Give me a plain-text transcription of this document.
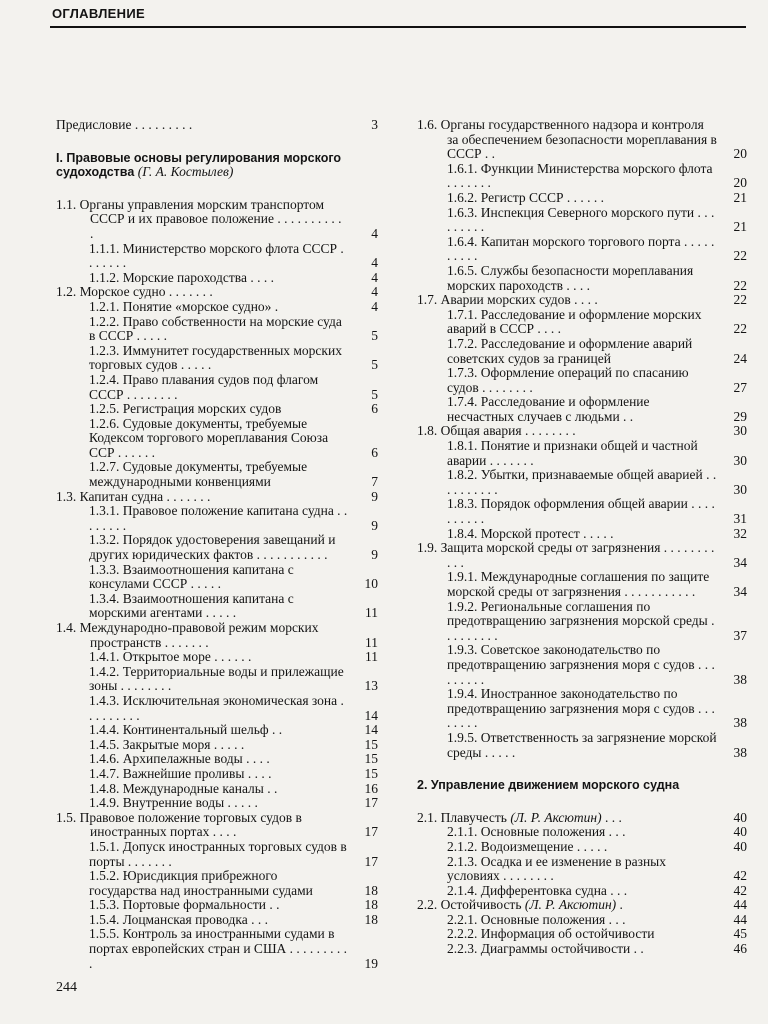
оглавление
Предисловие . . . . . . . . .	3
I. Правовые основы регулирования морского судоходства (Г. А. Костылев)
1.1. Органы управления морским транспортом СССР и их правовое положение . . . . . . . . . . .	4
1.1.1. Министерство морского флота СССР . . . . . . .	4
1.1.2. Морские пароходства . . . .	4
1.2. Морское судно . . . . . . .	4
1.2.1. Понятие «морское судно» .	4
1.2.2. Право собственности на морские суда в СССР . . . . .	5
1.2.3. Иммунитет государственных морских торговых судов . . . . .	5
1.2.4. Право плавания судов под флагом СССР . . . . . . . .	5
1.2.5. Регистрация морских судов	6
1.2.6. Судовые документы, требуемые Кодексом торгового мореплавания Союза ССР . . . . . .	6
1.2.7. Судовые документы, требуемые международными конвенциями	7
1.3. Капитан судна . . . . . . .	9
1.3.1. Правовое положение капитана судна . . . . . . . .	9
1.3.2. Порядок удостоверения завещаний и других юридических фактов . . . . . . . . . . .	9
1.3.3. Взаимоотношения капитана с консулами СССР . . . . .	10
1.3.4. Взаимоотношения капитана с морскими агентами . . . . .	11
1.4. Международно-правовой режим морских пространств . . . . . . .	11
1.4.1. Открытое море . . . . . .	11
1.4.2. Территориальные воды и прилежащие зоны . . . . . . . .	13
1.4.3. Исключительная экономическая зона . . . . . . . . .	14
1.4.4. Континентальный шельф . .	14
1.4.5. Закрытые моря . . . . .	15
1.4.6. Архипелажные воды . . . .	15
1.4.7. Важнейшие проливы . . . .	15
1.4.8. Международные каналы . .	16
1.4.9. Внутренние воды . . . . .	17
1.5. Правовое положение торговых судов в иностранных портах . . . .	17
1.5.1. Допуск иностранных торговых судов в порты . . . . . . .	17
1.5.2. Юрисдикция прибрежного государства над иностранными судами	18
1.5.3. Портовые формальности . .	18
1.5.4. Лоцманская проводка . . .	18
1.5.5. Контроль за иностранными судами в портах европейских стран и США . . . . . . . . . .	19
1.6. Органы государственного надзора и контроля за обеспечением безопасности мореплавания в СССР . .	20
1.6.1. Функции Министерства морского флота . . . . . . .	20
1.6.2. Регистр СССР . . . . . .	21
1.6.3. Инспекция Северного морского пути . . . . . . . . .	21
1.6.4. Капитан морского торгового порта . . . . . . . . . .	22
1.6.5. Службы безопасности мореплавания морских пароходств . . . .	22
1.7. Аварии морских судов . . . .	22
1.7.1. Расследование и оформление морских аварий в СССР . . . .	22
1.7.2. Расследование и оформление аварий советских судов за границей	24
1.7.3. Оформление операций по спасанию судов . . . . . . . .	27
1.7.4. Расследование и оформление несчастных случаев с людьми . .	29
1.8. Общая авария . . . . . . . .	30
1.8.1. Понятие и признаки общей и частной аварии . . . . . . .	30
1.8.2. Убытки, признаваемые общей аварией . . . . . . . . . .	30
1.8.3. Порядок оформления общей аварии . . . . . . . . . .	31
1.8.4. Морской протест . . . . .	32
1.9. Защита морской среды от загрязнения . . . . . . . . . . .	34
1.9.1. Международные соглашения по защите морской среды от загрязнения . . . . . . . . . . .	34
1.9.2. Региональные соглашения по предотвращению загрязнения морской среды . . . . . . . . .	37
1.9.3. Советское законодательство по предотвращению загрязнения моря с судов . . . . . . . . .	38
1.9.4. Иностранное законодательство по предотвращению загрязнения моря с судов . . . . . . . .	38
1.9.5. Ответственность за загрязнение морской среды . . . . .	38
2. Управление движением морского судна
2.1. Плавучесть (Л. Р. Аксютин) . . .	40
2.1.1. Основные положения . . .	40
2.1.2. Водоизмещение . . . . .	40
2.1.3. Осадка и ее изменение в разных условиях . . . . . . . .	42
2.1.4. Дифферентовка судна . . .	42
2.2. Остойчивость (Л. Р. Аксютин) .	44
2.2.1. Основные положения . . .	44
2.2.2. Информация об остойчивости	45
2.2.3. Диаграммы остойчивости . .	46
244
